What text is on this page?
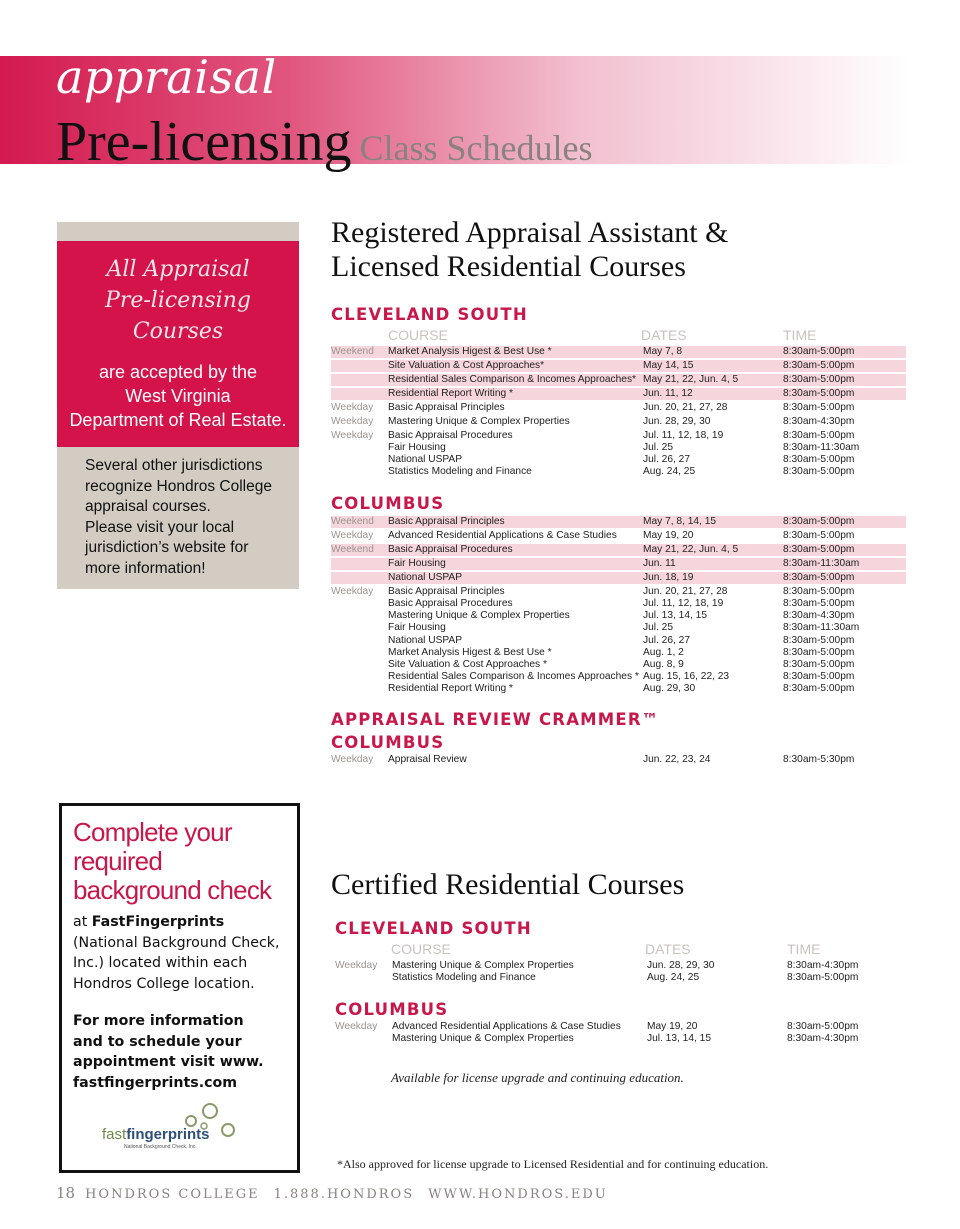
appraisal
Pre-licensing Class Schedules
All Appraisal
Pre-licensing
Courses
are accepted by the
West Virginia
Department of Real Estate.
Several other jurisdictions
recognize Hondros College
appraisal courses.
Please visit your local
jurisdiction’s website for
more information!
Registered Appraisal Assistant &
Licensed Residential Courses
CLEVELAND SOUTH
COURSE	DATES	TIME
Weekend Market Analysis Higest & Best Use *	May 7, 8	8:30am-5:00pm
Site Valuation & Cost Approaches*	May 14, 15	8:30am-5:00pm
Residential Sales Comparison & Incomes Approaches* May 21, 22, Jun. 4, 5	8:30am-5:00pm
Residential Report Writing *	Jun. 11, 12	8:30am-5:00pm
Weekday Basic Appraisal Principles	Jun. 20, 21, 27, 28	8:30am-5:00pm
Weekday Mastering Unique & Complex Properties	Jun. 28, 29, 30	8:30am-4:30pm
Weekday Basic Appraisal Procedures	Jul. 11, 12, 18, 19	8:30am-5:00pm
Fair Housing	Jul. 25	8:30am-11:30am
National USPAP	Jul. 26, 27	8:30am-5:00pm
Statistics Modeling and Finance	Aug. 24, 25	8:30am-5:00pm
COLUMBUS
Weekend Basic Appraisal Principles	May 7, 8, 14, 15	8:30am-5:00pm
Weekday Advanced Residential Applications & Case Studies	May 19, 20	8:30am-5:00pm
Weekend Basic Appraisal Procedures	May 21, 22, Jun. 4, 5	8:30am-5:00pm
Fair Housing	Jun. 11	8:30am-11:30am
National USPAP	Jun. 18, 19	8:30am-5:00pm
Weekday Basic Appraisal Principles	Jun. 20, 21, 27, 28	8:30am-5:00pm
Basic Appraisal Procedures	Jul. 11, 12, 18, 19	8:30am-5:00pm
Mastering Unique & Complex Properties	Jul. 13, 14, 15	8:30am-4:30pm
Fair Housing	Jul. 25	8:30am-11:30am
National USPAP	Jul. 26, 27	8:30am-5:00pm
Market Analysis Higest & Best Use *	Aug. 1, 2	8:30am-5:00pm
Site Valuation & Cost Approaches *	Aug. 8, 9	8:30am-5:00pm
Residential Sales Comparison & Incomes Approaches * Aug. 15, 16, 22, 23	8:30am-5:00pm
Residential Report Writing *	Aug. 29, 30	8:30am-5:00pm
APPRAISAL REVIEW CRAMMER™
COLUMBUS
Weekday Appraisal Review	Jun. 22, 23, 24	8:30am-5:30pm
Certified Residential Courses
CLEVELAND SOUTH
COURSE	DATES	TIME
Weekday Mastering Unique & Complex Properties	Jun. 28, 29, 30	8:30am-4:30pm
Statistics Modeling and Finance	Aug. 24, 25	8:30am-5:00pm
COLUMBUS
Weekday Advanced Residential Applications & Case Studies	May 19, 20	8:30am-5:00pm
Mastering Unique & Complex Properties	Jul. 13, 14, 15	8:30am-4:30pm
Available for license upgrade and continuing education.
*Also approved for license upgrade to Licensed Residential and for continuing education.
Complete your
required
background check
at FastFingerprints
(National Background Check,
Inc.) located within each
Hondros College location.
For more information
and to schedule your
appointment visit www.
fastfingerprints.com
fastfingerprints
National Background Check, Inc.
18 HONDROS COLLEGE 1.888.HONDROS WWW.HONDROS.EDU
